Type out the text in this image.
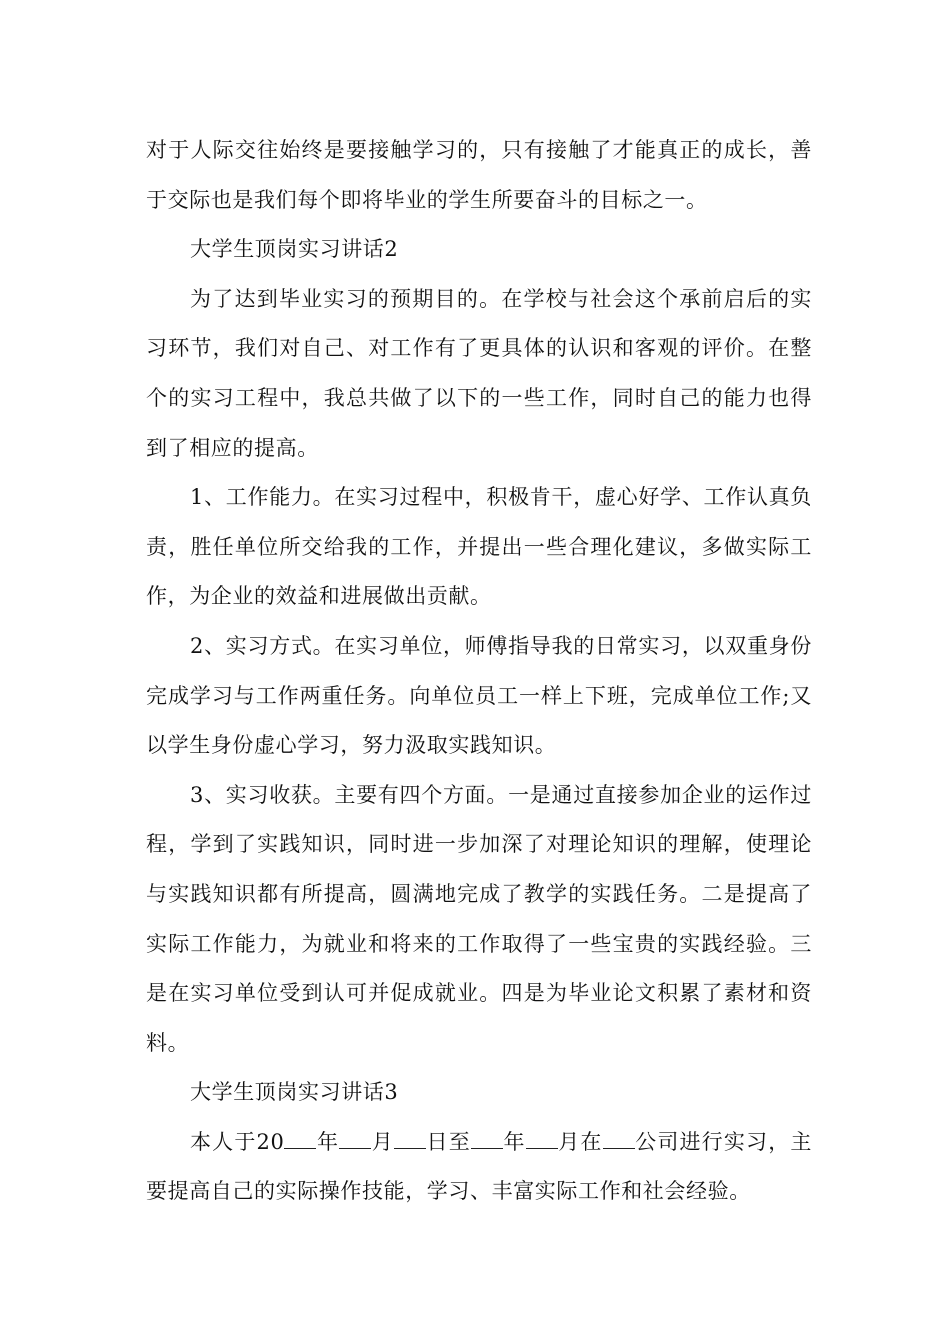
对于人际交往始终是要接触学习的，只有接触了才能真正的成长，善于交际也是我们每个即将毕业的学生所要奋斗的目标之一。

大学生顶岗实习讲话2

为了达到毕业实习的预期目的。在学校与社会这个承前启后的实习环节，我们对自己、对工作有了更具体的认识和客观的评价。在整个的实习工程中，我总共做了以下的一些工作，同时自己的能力也得到了相应的提高。

1、工作能力。在实习过程中，积极肯干，虚心好学、工作认真负责，胜任单位所交给我的工作，并提出一些合理化建议，多做实际工作，为企业的效益和进展做出贡献。

2、实习方式。在实习单位，师傅指导我的日常实习，以双重身份完成学习与工作两重任务。向单位员工一样上下班，完成单位工作;又以学生身份虚心学习，努力汲取实践知识。

3、实习收获。主要有四个方面。一是通过直接参加企业的运作过程，学到了实践知识，同时进一步加深了对理论知识的理解，使理论与实践知识都有所提高，圆满地完成了教学的实践任务。二是提高了实际工作能力，为就业和将来的工作取得了一些宝贵的实践经验。三是在实习单位受到认可并促成就业。四是为毕业论文积累了素材和资料。

大学生顶岗实习讲话3

本人于20 年 月 日至 年 月在 公司进行实习，主要提高自己的实际操作技能，学习、丰富实际工作和社会经验。
